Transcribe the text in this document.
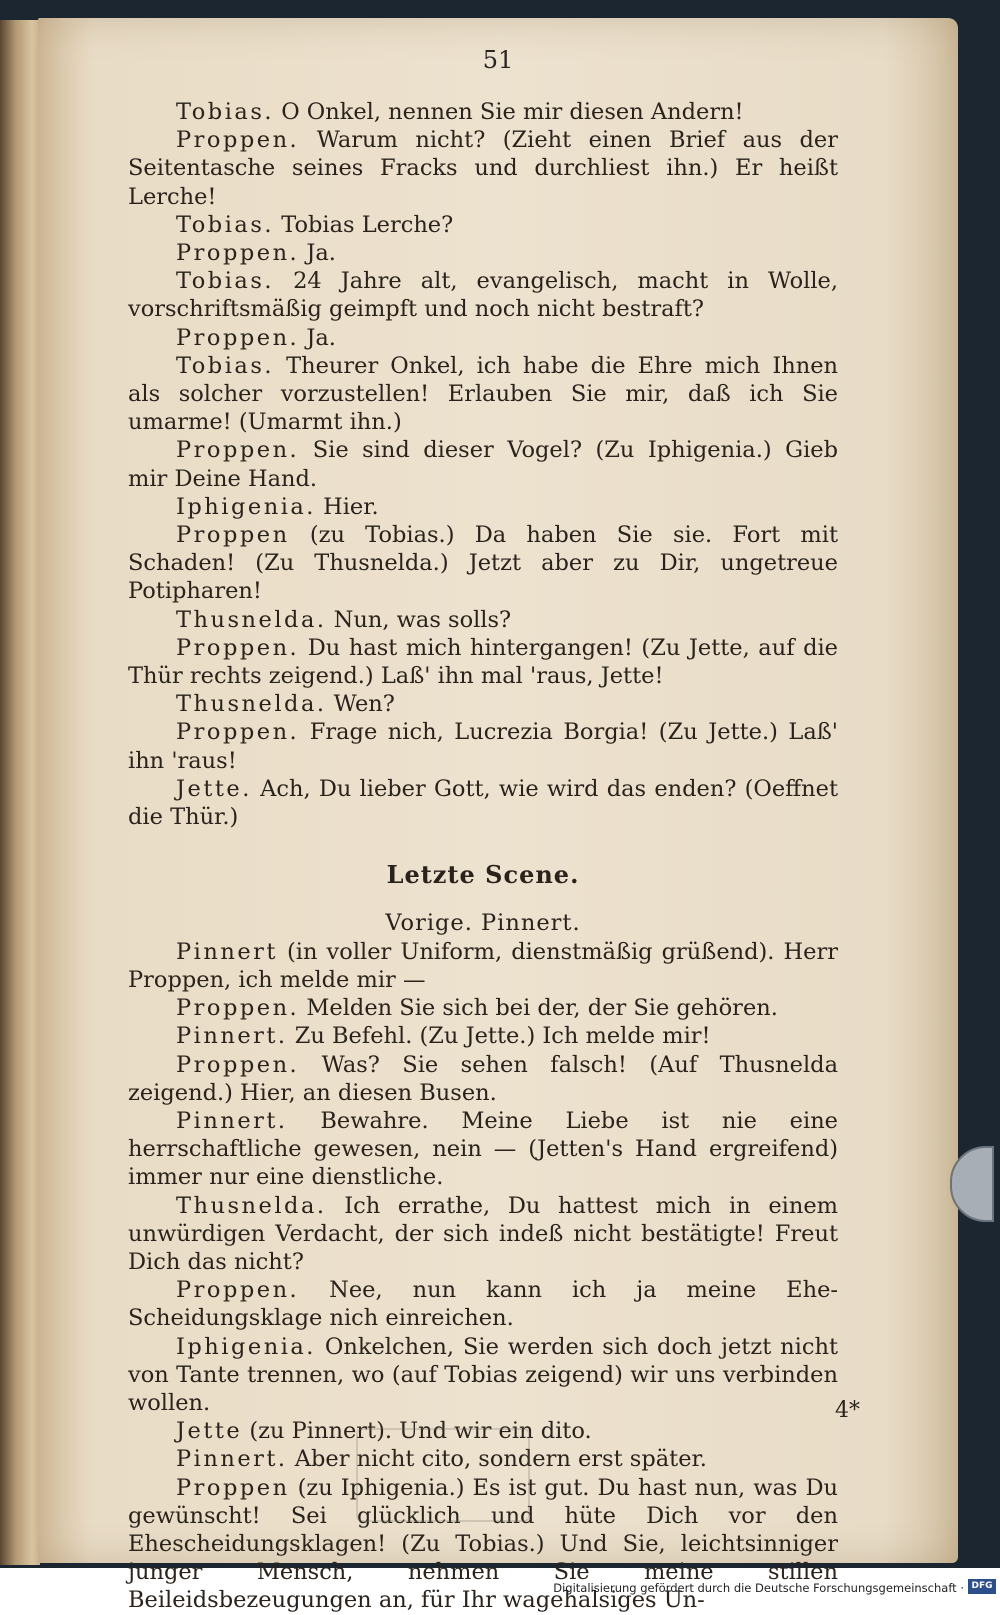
51

Tobias. O Onkel, nennen Sie mir diesen Andern!

Proppen. Warum nicht? (Zieht einen Brief aus der Seitentasche seines Fracks und durchliest ihn.) Er heißt Lerche!

Tobias. Tobias Lerche?

Proppen. Ja.

Tobias. 24 Jahre alt, evangelisch, macht in Wolle, vorschriftsmäßig geimpft und noch nicht bestraft?

Proppen. Ja.

Tobias. Theurer Onkel, ich habe die Ehre mich Ihnen als solcher vorzustellen! Erlauben Sie mir, daß ich Sie umarme! (Umarmt ihn.)

Proppen. Sie sind dieser Vogel? (Zu Iphigenia.) Gieb mir Deine Hand.

Iphigenia. Hier.

Proppen (zu Tobias.) Da haben Sie sie. Fort mit Schaden! (Zu Thusnelda.) Jetzt aber zu Dir, ungetreue Potipharen!

Thusnelda. Nun, was solls?

Proppen. Du hast mich hintergangen! (Zu Jette, auf die Thür rechts zeigend.) Laß' ihn mal 'raus, Jette!

Thusnelda. Wen?

Proppen. Frage nich, Lucrezia Borgia! (Zu Jette.) Laß' ihn 'raus!

Jette. Ach, Du lieber Gott, wie wird das enden? (Oeffnet die Thür.)

Letzte Scene.

Vorige. Pinnert.

Pinnert (in voller Uniform, dienstmäßig grüßend). Herr Proppen, ich melde mir —

Proppen. Melden Sie sich bei der, der Sie gehören.

Pinnert. Zu Befehl. (Zu Jette.) Ich melde mir!

Proppen. Was? Sie sehen falsch! (Auf Thusnelda zeigend.) Hier, an diesen Busen.

Pinnert. Bewahre. Meine Liebe ist nie eine herrschaftliche gewesen, nein — (Jetten's Hand ergreifend) immer nur eine dienstliche.

Thusnelda. Ich errathe, Du hattest mich in einem unwürdigen Verdacht, der sich indeß nicht bestätigte! Freut Dich das nicht?

Proppen. Nee, nun kann ich ja meine Ehe-Scheidungsklage nich einreichen.

Iphigenia. Onkelchen, Sie werden sich doch jetzt nicht von Tante trennen, wo (auf Tobias zeigend) wir uns verbinden wollen.

Jette (zu Pinnert). Und wir ein dito.

Pinnert. Aber nicht cito, sondern erst später.

Proppen (zu Iphigenia.) Es ist gut. Du hast nun, was Du gewünscht! Sei glücklich und hüte Dich vor den Ehescheidungsklagen! (Zu Tobias.) Und Sie, leichtsinniger junger Mensch, nehmen Sie meine stillen Beileidsbezeugungen an, für Ihr wagehalsiges Un-

4*
Digitalisierung gefördert durch die Deutsche Forschungsgemeinschaft · DFG
